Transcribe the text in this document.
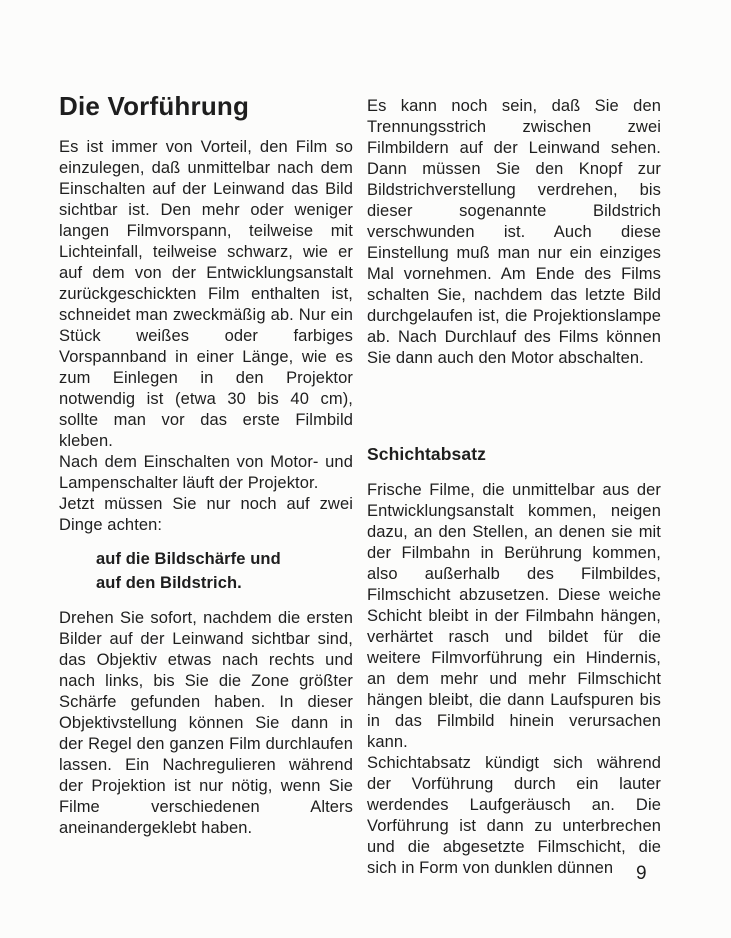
Die Vorführung

Es ist immer von Vorteil, den Film so einzulegen, daß unmittelbar nach dem Einschalten auf der Leinwand das Bild sichtbar ist. Den mehr oder weniger langen Filmvorspann, teilweise mit Lichteinfall, teilweise schwarz, wie er auf dem von der Entwicklungsanstalt zurückgeschickten Film enthalten ist, schneidet man zweckmäßig ab. Nur ein Stück weißes oder farbiges Vorspannband in einer Länge, wie es zum Einlegen in den Projektor notwendig ist (etwa 30 bis 40 cm), sollte man vor das erste Filmbild kleben.

Nach dem Einschalten von Motor- und Lampenschalter läuft der Projektor.

Jetzt müssen Sie nur noch auf zwei Dinge achten:

auf die Bildschärfe und
auf den Bildstrich.

Drehen Sie sofort, nachdem die ersten Bilder auf der Leinwand sichtbar sind, das Objektiv etwas nach rechts und nach links, bis Sie die Zone größter Schärfe gefunden haben. In dieser Objektivstellung können Sie dann in der Regel den ganzen Film durchlaufen lassen. Ein Nachregulieren während der Projektion ist nur nötig, wenn Sie Filme verschiedenen Alters aneinandergeklebt haben.

Es kann noch sein, daß Sie den Trennungsstrich zwischen zwei Filmbildern auf der Leinwand sehen. Dann müssen Sie den Knopf zur Bildstrichverstellung verdrehen, bis dieser sogenannte Bildstrich verschwunden ist. Auch diese Einstellung muß man nur ein einziges Mal vornehmen. Am Ende des Films schalten Sie, nachdem das letzte Bild durchgelaufen ist, die Projektionslampe ab. Nach Durchlauf des Films können Sie dann auch den Motor abschalten.

Schichtabsatz

Frische Filme, die unmittelbar aus der Entwicklungsanstalt kommen, neigen dazu, an den Stellen, an denen sie mit der Filmbahn in Berührung kommen, also außerhalb des Filmbildes, Filmschicht abzusetzen. Diese weiche Schicht bleibt in der Filmbahn hängen, verhärtet rasch und bildet für die weitere Filmvorführung ein Hindernis, an dem mehr und mehr Filmschicht hängen bleibt, die dann Laufspuren bis in das Filmbild hinein verursachen kann.

Schichtabsatz kündigt sich während der Vorführung durch ein lauter werdendes Laufgeräusch an. Die Vorführung ist dann zu unterbrechen und die abgesetzte Filmschicht, die sich in Form von dunklen dünnen	9
